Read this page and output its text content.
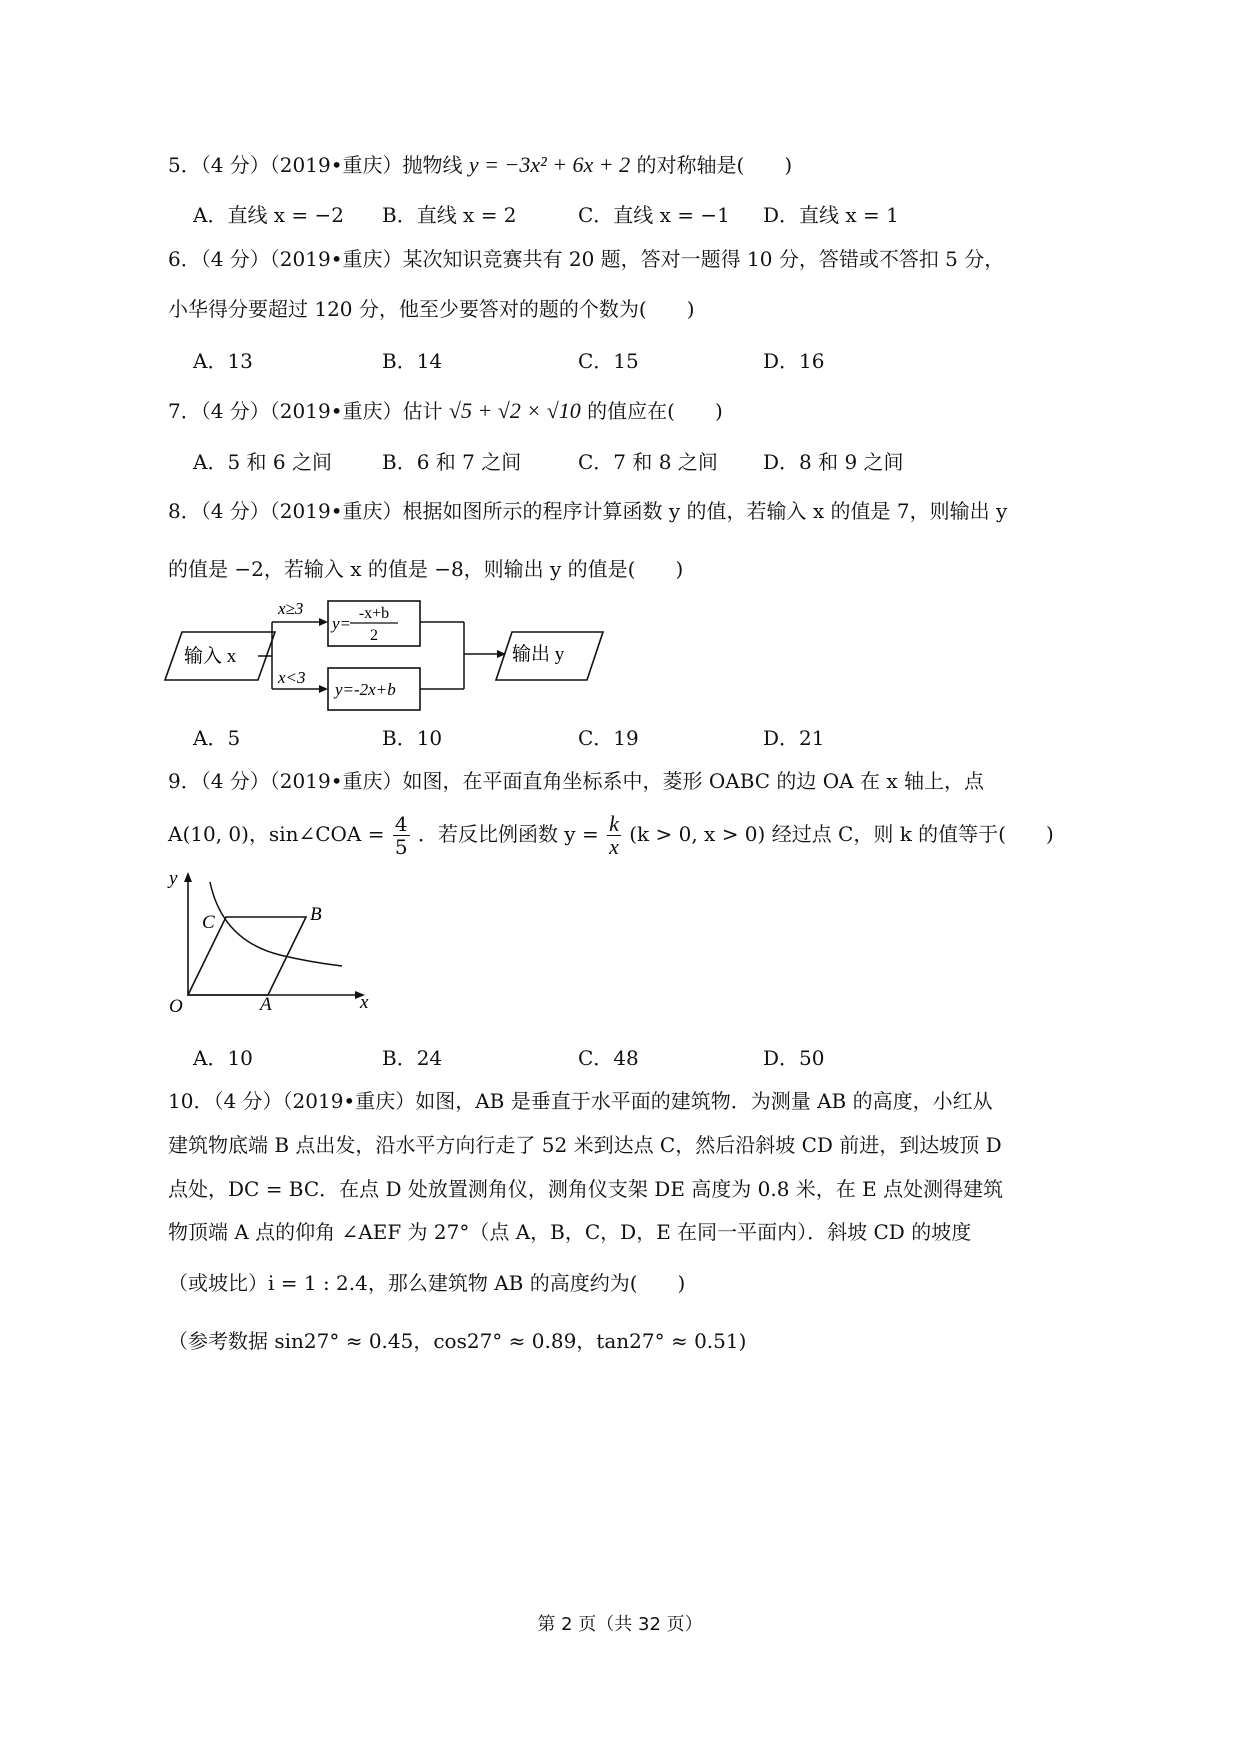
5．（4 分）（2019•重庆）抛物线 y = −3x² + 6x + 2 的对称轴是(　　)
A．直线 x = −2 B．直线 x = 2	C．直线 x = −1 D．直线 x = 1
6．（4 分）（2019•重庆）某次知识竞赛共有 20 题，答对一题得 10 分，答错或不答扣 5 分，
小华得分要超过 120 分，他至少要答对的题的个数为(　　)
A．13	B．14	C．15	D．16
7．（4 分）（2019•重庆）估计 √5 + √2 × √10 的值应在(　　)
A．5 和 6 之间	B．6 和 7 之间	C．7 和 8 之间 D．8 和 9 之间
8．（4 分）（2019•重庆）根据如图所示的程序计算函数 y 的值，若输入 x 的值是 7，则输出 y
的值是 −2，若输入 x 的值是 −8，则输出 y 的值是(　　)
输入 x
x≥3
y=
-x+b
2
x<3
y=-2x+b
输出 y
A．5	B．10	C．19	D．21
9．（4 分）（2019•重庆）如图，在平面直角坐标系中，菱形 OABC 的边 OA 在 x 轴上，点
A(10, 0)，sin∠COA = $\frac{4}{5}$ ．若反比例函数 $y = \frac{k}{x} (k > 0$, x > 0) 经过点 C，则 k 的值等于(　　)
y
x
O	A
B
C
A．10	B．24	C．48	D．50
10．（4 分）（2019•重庆）如图，AB 是垂直于水平面的建筑物．为测量 AB 的高度，小红从
建筑物底端 B 点出发，沿水平方向行走了 52 米到达点 C，然后沿斜坡 CD 前进，到达坡顶 D
点处，DC = BC．在点 D 处放置测角仪，测角仪支架 DE 高度为 0.8 米，在 E 点处测得建筑
物顶端 A 点的仰角 ∠AEF 为 27°（点 A，B，C，D，E 在同一平面内）．斜坡 CD 的坡度
（或坡比）i = 1 : 2.4，那么建筑物 AB 的高度约为(　　)
（参考数据 sin27° ≈ 0.45，cos27° ≈ 0.89，tan27° ≈ 0.51)
第 2 页（共 32 页）
